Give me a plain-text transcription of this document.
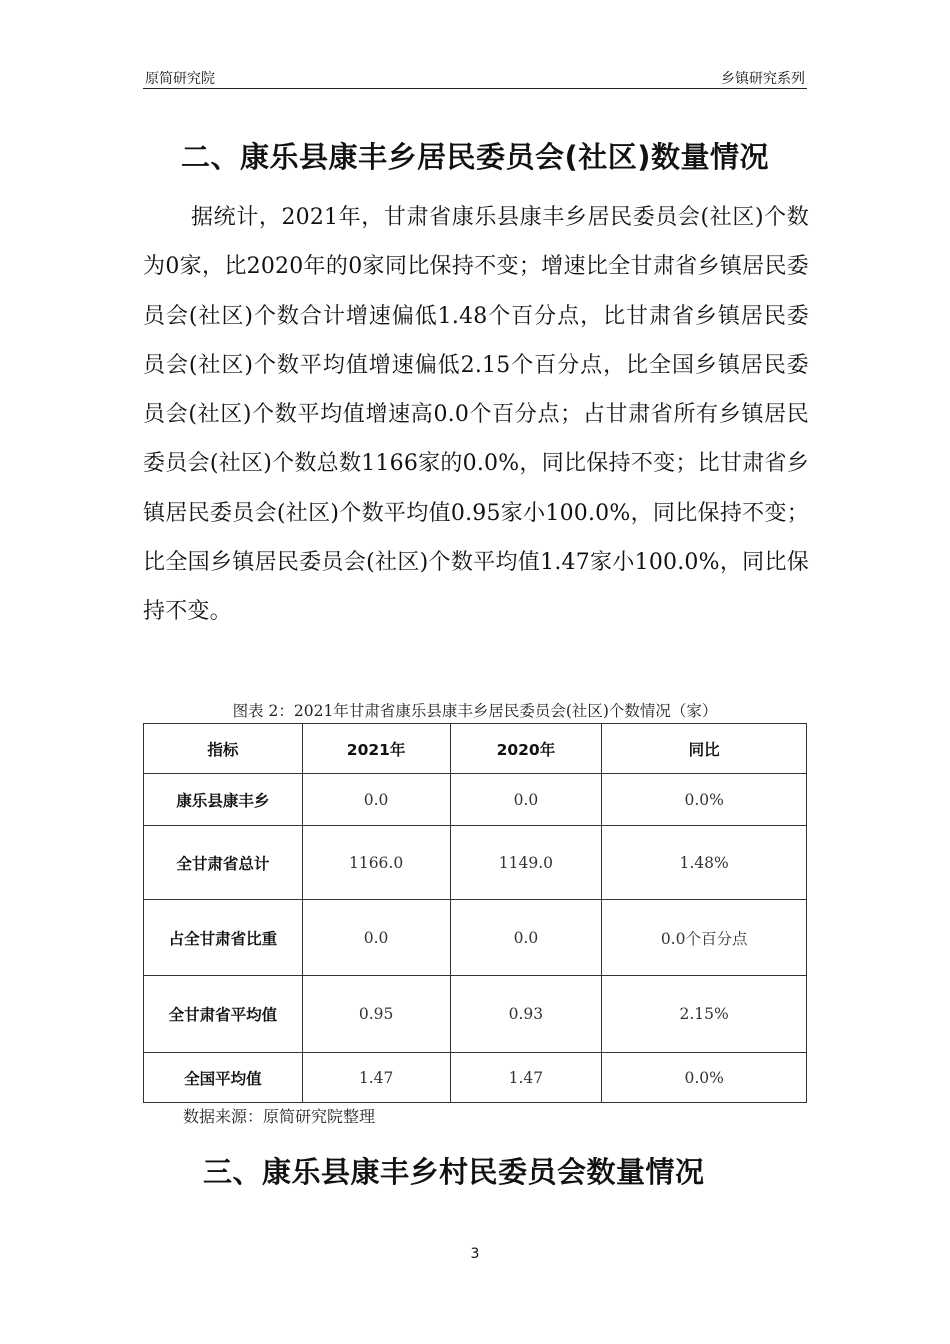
原简研究院	乡镇研究系列
二、康乐县康丰乡居民委员会(社区)数量情况
据统计，2021年，甘肃省康乐县康丰乡居民委员会(社区)个数为0家，比2020年的0家同比保持不变；增速比全甘肃省乡镇居民委员会(社区)个数合计增速偏低1.48个百分点，比甘肃省乡镇居民委员会(社区)个数平均值增速偏低2.15个百分点，比全国乡镇居民委员会(社区)个数平均值增速高0.0个百分点；占甘肃省所有乡镇居民委员会(社区)个数总数1166家的0.0%，同比保持不变；比甘肃省乡镇居民委员会(社区)个数平均值0.95家小100.0%，同比保持不变；比全国乡镇居民委员会(社区)个数平均值1.47家小100.0%，同比保持不变。
图表 2：2021年甘肃省康乐县康丰乡居民委员会(社区)个数情况（家）
指标	2021年	2020年	同比
康乐县康丰乡	0.0	0.0	0.0%
全甘肃省总计	1166.0	1149.0	1.48%
占全甘肃省比重	0.0	0.0	0.0个百分点
全甘肃省平均值	0.95	0.93	2.15%
全国平均值	1.47	1.47	0.0%
数据来源：原简研究院整理
三、康乐县康丰乡村民委员会数量情况
3
